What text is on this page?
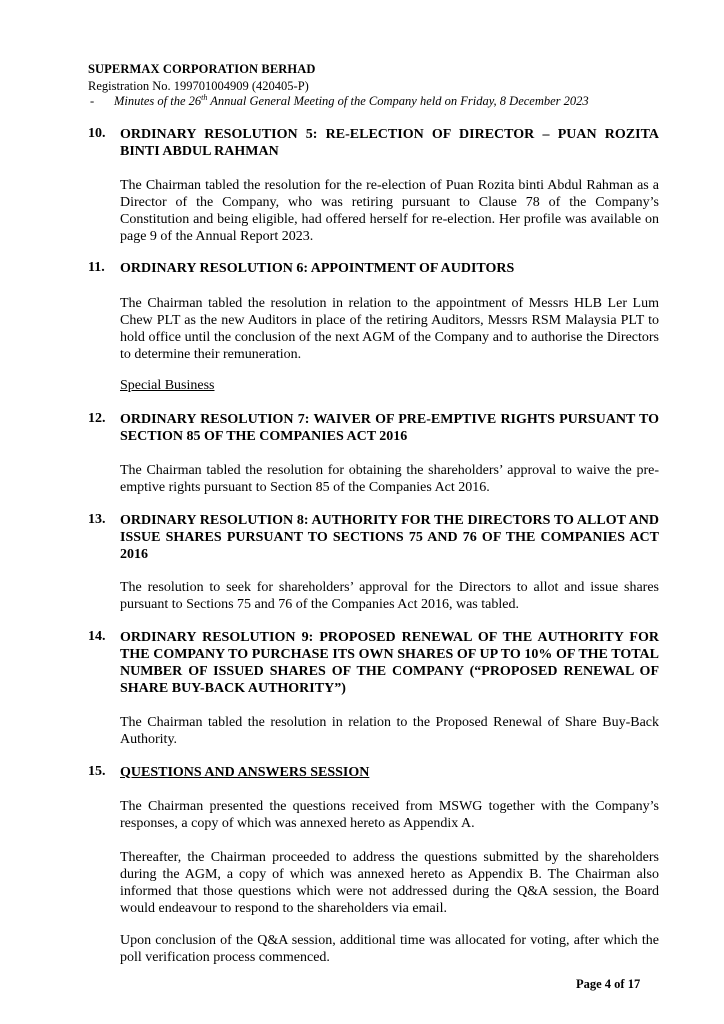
SUPERMAX CORPORATION BERHAD
Registration No. 199701004909 (420405-P)
- Minutes of the 26th Annual General Meeting of the Company held on Friday, 8 December 2023
10. ORDINARY RESOLUTION 5: RE-ELECTION OF DIRECTOR – PUAN ROZITA
BINTI ABDUL RAHMAN
The Chairman tabled the resolution for the re-election of Puan Rozita binti Abdul Rahman as a Director of the Company, who was retiring pursuant to Clause 78 of the Company’s Constitution and being eligible, had offered herself for re-election. Her profile was available on page 9 of the Annual Report 2023.
11. ORDINARY RESOLUTION 6: APPOINTMENT OF AUDITORS
The Chairman tabled the resolution in relation to the appointment of Messrs HLB Ler Lum Chew PLT as the new Auditors in place of the retiring Auditors, Messrs RSM Malaysia PLT to hold office until the conclusion of the next AGM of the Company and to authorise the Directors to determine their remuneration.
Special Business
12. ORDINARY RESOLUTION 7: WAIVER OF PRE-EMPTIVE RIGHTS PURSUANT TO SECTION 85 OF THE COMPANIES ACT 2016
The Chairman tabled the resolution for obtaining the shareholders’ approval to waive the pre-emptive rights pursuant to Section 85 of the Companies Act 2016.
13. ORDINARY RESOLUTION 8: AUTHORITY FOR THE DIRECTORS TO ALLOT AND ISSUE SHARES PURSUANT TO SECTIONS 75 AND 76 OF THE COMPANIES ACT 2016
The resolution to seek for shareholders’ approval for the Directors to allot and issue shares pursuant to Sections 75 and 76 of the Companies Act 2016, was tabled.
14. ORDINARY RESOLUTION 9: PROPOSED RENEWAL OF THE AUTHORITY FOR THE COMPANY TO PURCHASE ITS OWN SHARES OF UP TO 10% OF THE TOTAL NUMBER OF ISSUED SHARES OF THE COMPANY (“PROPOSED RENEWAL OF SHARE BUY-BACK AUTHORITY”)
The Chairman tabled the resolution in relation to the Proposed Renewal of Share Buy-Back Authority.
15. QUESTIONS AND ANSWERS SESSION
The Chairman presented the questions received from MSWG together with the Company’s responses, a copy of which was annexed hereto as Appendix A.
Thereafter, the Chairman proceeded to address the questions submitted by the shareholders during the AGM, a copy of which was annexed hereto as Appendix B. The Chairman also informed that those questions which were not addressed during the Q&A session, the Board would endeavour to respond to the shareholders via email.
Upon conclusion of the Q&A session, additional time was allocated for voting, after which the poll verification process commenced.
Page 4 of 17
